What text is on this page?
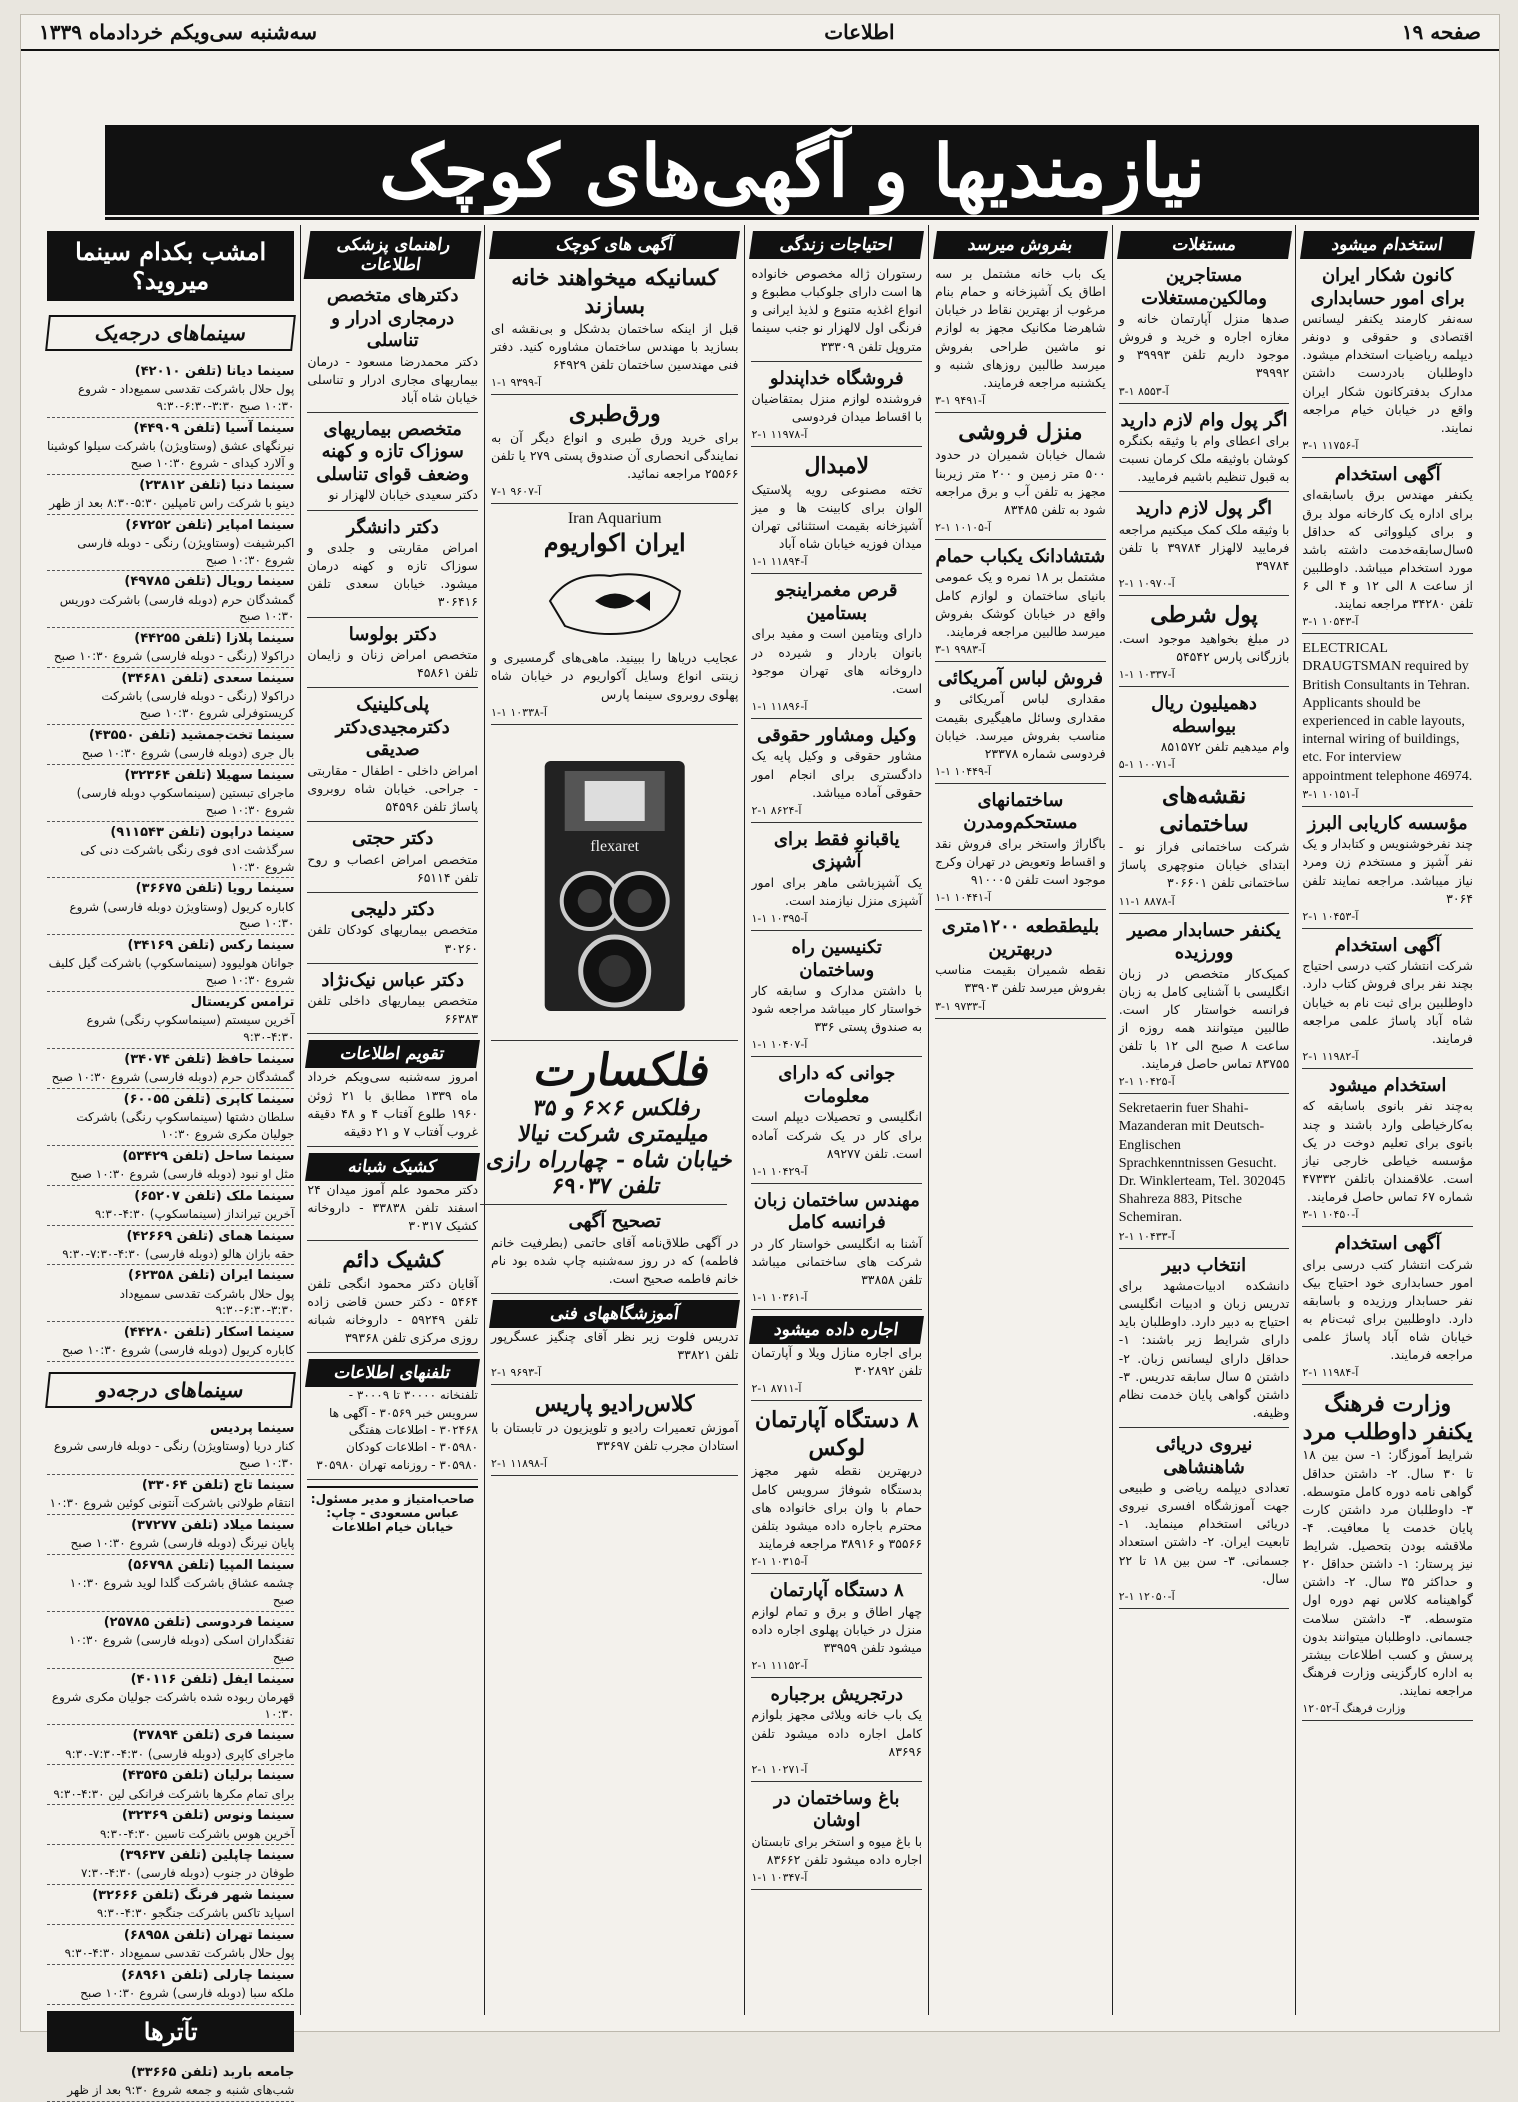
صفحه ۱۹
اطلاعات
سه‌شنبه سی‌ویکم خردادماه ۱۳۳۹
نیازمندیها و آگهی‌های کوچک
استخدام میشود
کانون شکار ایران برای امور حسابداری
سه‌نفر کارمند یکنفر لیسانس اقتصادی و حقوقی و دونفر دیپلمه ریاضیات استخدام میشود. داوطلبان بادردست داشتن مدارک بدفترکانون شکار ایران واقع در خیابان خیام مراجعه نمایند.
آ-۱۱۷۵۶ ۱-۳
آگهی استخدام
یکنفر مهندس برق باسابقه‌ای برای اداره یک کارخانه مولد برق و برای کیلوواتی که حداقل ۵سال‌سابقه‌خدمت داشته باشد مورد استخدام میباشد. داوطلبین از ساعت ۸ الی ۱۲ و ۴ الی ۶ تلفن ۳۴۲۸۰ مراجعه نمایند.
آ-۱۰۵۴۳ ۱-۳
ELECTRICAL DRAUGTSMAN required by British Consultants in Tehran. Applicants should be experienced in cable layouts, internal wiring of buildings, etc. For interview appointment telephone 46974.
آ-۱۰۱۵۱ ۱-۳
مؤسسه کاریابی البرز
چند نفرخوشنویس و کتابدار و یک نفر آشپز و مستخدم زن ومرد نیاز میباشد. مراجعه نمایند تلفن ۳۰۶۴
آ-۱۰۴۵۳ ۱-۲
آگهی استخدام
شرکت انتشار کتب درسی احتیاج بچند نفر برای فروش کتاب دارد. داوطلبین برای ثبت نام به خیابان شاه آباد پاساژ علمی مراجعه فرمایند.
آ-۱۱۹۸۲ ۱-۲
استخدام میشود
به‌چند نفر بانوی باسابقه که به‌کارخیاطی وارد باشند و چند بانوی برای تعلیم دوخت در یک مؤسسه خیاطی خارجی نیاز است. علاقمندان باتلفن ۴۷۳۳۲ شماره ۶۷ تماس حاصل فرمایند.
آ-۱۰۴۵۰ ۱-۳
آگهی استخدام
شرکت انتشار کتب درسی برای امور حسابداری خود احتیاج بیک نفر حسابدار ورزیده و باسابقه دارد. داوطلبین برای ثبت‌نام به خیابان شاه آباد پاساژ علمی مراجعه فرمایند.
آ-۱۱۹۸۴ ۱-۲
وزارت فرهنگ یکنفر داوطلب مرد
شرایط آموزگار: ۱- سن بین ۱۸ تا ۳۰ سال. ۲- داشتن حداقل گواهی نامه دوره کامل متوسطه. ۳- داوطلبان مرد داشتن کارت پایان خدمت یا معافیت. ۴- ملاقشه بودن بتحصیل. شرایط نیز پرستار: ۱- داشتن حداقل ۲۰ و حداکثر ۳۵ سال. ۲- داشتن گواهینامه کلاس نهم دوره اول متوسطه. ۳- داشتن سلامت جسمانی. داوطلبان میتوانند بدون پرسش و کسب اطلاعات بیشتر به اداره کارگزینی وزارت فرهنگ مراجعه نمایند.
وزارت فرهنگ آ-۱۲۰۵۲
مستغلات
مستاجرین ومالکین‌مستغلات
صدها منزل آپارتمان خانه و مغازه اجاره و خرید و فروش موجود داریم تلفن ۳۹۹۹۳ و ۳۹۹۹۲
آ-۸۵۵۳ ۱-۳
اگر پول وام لازم دارید
برای اعطای وام با وثیقه بکنگره کوشان باوثیقه ملک کرمان نسبت به قبول تنظیم باشیم فرمایید.
اگر پول لازم دارید
با وثیقه ملک کمک میکنیم مراجعه فرمایید لالهزار ۳۹۷۸۴ با تلفن ۳۹۷۸۴
آ-۱۰۹۷۰ ۱-۲
پول شرطی
در مبلغ بخواهید موجود است. بازرگانی پارس ۵۴۵۴۲
آ-۱۰۳۳۷ ۱-۱
دهمیلیون ریال بیواسطه
وام میدهیم تلفن ۸۵۱۵۷۲
آ-۱۰۰۷۱ ۱-۵
نقشه‌های ساختمانی
شرکت ساختمانی فراز نو - ابتدای خیابان منوچهری پاساژ ساختمانی تلفن ۳۰۶۶۰۱
آ-۸۸۷۸ ۱-۱۱
یکنفر حسابدار مصیر وورزیده
کمیک‌کار متخصص در زبان انگلیسی با آشنایی کامل به زبان فرانسه خواستار کار است. طالبین میتوانند همه روزه از ساعت ۸ صبح الی ۱۲ با تلفن ۸۳۷۵۵ تماس حاصل فرمایند.
آ-۱۰۴۲۵ ۱-۲
Sekretaerin fuer Shahi-Mazanderan mit Deutsch-Englischen Sprachkenntnissen Gesucht. Dr. Winklerteam, Tel. 302045 Shahreza 883, Pitsche Schemiran.
آ-۱۰۴۳۳ ۱-۲
انتخاب دبیر
دانشکده ادبیات‌مشهد برای تدریس زبان و ادبیات انگلیسی احتیاج به دبیر دارد. داوطلبان باید دارای شرایط زیر باشند: ۱- حداقل دارای لیسانس زبان. ۲- داشتن ۵ سال سابقه تدریس. ۳- داشتن گواهی پایان خدمت نظام وظیفه.
نیروی دریائی شاهنشاهی
تعدادی دیپلمه ریاضی و طبیعی جهت آموزشگاه افسری نیروی دریائی استخدام مینماید. ۱- تابعیت ایران. ۲- داشتن استعداد جسمانی. ۳- سن بین ۱۸ تا ۲۲ سال.
آ-۱۲۰۵۰ ۱-۲
بفروش میرسد
یک باب خانه مشتمل بر سه اطاق یک آشپزخانه و حمام بنام مرغوب از بهترین نقاط در خیابان شاهرضا مکانیک مجهز به لوازم نو ماشین طراحی بفروش میرسد طالبین روزهای شنبه و یکشنبه مراجعه فرمایند.
آ-۹۴۹۱ ۱-۳
منزل فروشی
شمال خیابان شمیران در حدود ۵۰۰ متر زمین و ۲۰۰ متر زیربنا مجهز به تلفن آب و برق مراجعه شود به تلفن ۸۳۴۸۵
آ-۱۰۱۰۵ ۱-۲
شتشادانک یکباب حمام
مشتمل بر ۱۸ نمره و یک عمومی بانیای ساختمان و لوازم کامل واقع در خیابان کوشک بفروش میرسد طالبین مراجعه فرمایند.
آ-۹۹۸۳ ۱-۳
فروش لباس آمریکائی
مقداری لباس آمریکائی و مقداری وسائل ماهیگیری بقیمت مناسب بفروش میرسد. خیابان فردوسی شماره ۲۳۳۷۸
آ-۱۰۴۴۹ ۱-۱
ساختمانهای مستحکم‌ومدرن
باگاراژ واستخر برای فروش نقد و اقساط وتعویض در تهران وکرج موجود است تلفن ۹۱۰۰۰۵
آ-۱۰۴۴۱ ۱-۱
بلیطقطعه ۱۲۰۰متری دربهترین
نقطه شمیران بقیمت مناسب بفروش میرسد تلفن ۳۳۹۰۳
آ-۹۷۳۳ ۱-۳
احتیاجات زندگی
رستوران ژاله مخصوص خانواده ها است دارای جلوکباب مطبوع و انواع اغذیه متنوع و لذیذ ایرانی و فرنگی اول لالهزار نو جنب سینما متروپل تلفن ۳۳۳۰۹
فروشگاه خداپندلو
فروشنده لوازم منزل بمتقاضیان با اقساط میدان فردوسی
آ-۱۱۹۷۸ ۱-۲
لامبدال
تخته مصنوعی رویه پلاستیک الوان برای کابینت ها و میز آشپزخانه بقیمت استثنائی تهران میدان فوزیه خیابان شاه آباد
آ-۱۱۸۹۴ ۱-۱
قرص مغمراینجو بستامین
دارای ویتامین است و مفید برای بانوان باردار و شیرده در داروخانه های تهران موجود است.
آ-۱۱۸۹۶ ۱-۱
وکیل ومشاور حقوقی
مشاور حقوقی و وکیل پایه یک دادگستری برای انجام امور حقوقی آماده میباشد.
آ-۸۶۲۴ ۱-۲
یاقبانو فقط برای آشپزی
یک آشپزباشی ماهر برای امور آشپزی منزل نیازمند است.
آ-۱۰۳۹۵ ۱-۱
تکنیسین راه وساختمان
با داشتن مدارک و سابقه کار خواستار کار میباشد مراجعه شود به صندوق پستی ۳۳۶
آ-۱۰۴۰۷ ۱-۱
جوانی که دارای معلومات
انگلیسی و تحصیلات دیپلم است برای کار در یک شرکت آماده است. تلفن ۸۹۲۷۷
آ-۱۰۴۲۹ ۱-۱
مهندس ساختمان زبان فرانسه کامل
آشنا به انگلیسی خواستار کار در شرکت های ساختمانی میباشد تلفن ۳۳۸۵۸
آ-۱۰۳۶۱ ۱-۱
اجاره داده میشود
برای اجاره منازل ویلا و آپارتمان تلفن ۳۰۲۸۹۲
آ-۸۷۱۱ ۱-۲
۸ دستگاه آپارتمان لوکس
دربهترین نقطه شهر مجهز بدستگاه شوفاژ سرویس کامل حمام با وان برای خانواده های محترم باجاره داده میشود بتلفن ۳۵۵۶۶ و ۳۸۹۱۶ مراجعه فرمایند
آ-۱۰۳۱۵ ۱-۲
۸ دستگاه آپارتمان
چهار اطاق و برق و تمام لوازم منزل در خیابان پهلوی اجاره داده میشود تلفن ۳۳۹۵۹
آ-۱۱۱۵۲ ۱-۲
درتجریش برجباره
یک باب خانه ویلائی مجهز بلوازم کامل اجاره داده میشود تلفن ۸۳۶۹۶
آ-۱۰۲۷۱ ۱-۲
باغ وساختمان در اوشان
با باغ میوه و استخر برای تابستان اجاره داده میشود تلفن ۸۳۶۶۲
آ-۱۰۳۴۷ ۱-۱
آگهی های کوچک
کسانیکه میخواهند خانه بسازند
قبل از اینکه ساختمان بدشکل و بی‌نقشه ای بسازید با مهندس ساختمان مشاوره کنید. دفتر فنی مهندسین ساختمان تلفن ۶۴۹۲۹
آ-۹۳۹۹ ۱-۱
ورق‌طبری
برای خرید ورق طبری و انواع دیگر آن به نمایندگی انحصاری آن صندوق پستی ۲۷۹ یا تلفن ۲۵۵۶۶ مراجعه نمائید.
آ-۹۶۰۷ ۱-۷
Iran Aquarium
ایران اکواریوم
عجایب دریاها را ببینید. ماهی‌های گرمسیری و زینتی انواع وسایل آکواریوم در خیابان شاه پهلوی روبروی سینما پارس
آ-۱۰۳۳۸ ۱-۱
flexaret
فلکسارت
رفلکس ۶×۶ و ۳۵ میلیمتری شرکت نیالا خیابان شاه - چهارراه رازی تلفن ۶۹۰۳۷
تصحیح آگهی
در آگهی طلاق‌نامه آقای حاتمی (بطرفیت خانم فاطمه) که در روز سه‌شنبه چاپ شده بود نام خانم فاطمه صحیح است.
آموزشگاههای فنی
تدریس فلوت زیر نظر آقای چنگیز عسگرپور تلفن ۳۳۸۲۱
آ-۹۶۹۳ ۱-۲
کلاس‌رادیو پاریس
آموزش تعمیرات رادیو و تلویزیون در تابستان با استادان مجرب تلفن ۳۳۶۹۷
آ-۱۱۸۹۸ ۱-۲
راهنمای پزشکی اطلاعات
دکترهای متخصص درمجاری ادرار و تناسلی
دکتر محمدرضا مسعود - درمان بیماریهای مجاری ادرار و تناسلی خیابان شاه آباد
متخصص بیماریهای سوزاک تازه و کهنه وضعف قوای تناسلی
دکتر سعیدی خیابان لالهزار نو
دکتر دانشگر
امراض مقاربتی و جلدی و سوزاک تازه و کهنه درمان میشود. خیابان سعدی تلفن ۳۰۶۴۱۶
دکتر بولوسا
متخصص امراض زنان و زایمان تلفن ۴۵۸۶۱
پلی‌کلینیک دکترمجیدی‌دکتر صدیقی
امراض داخلی - اطفال - مقاربتی - جراحی. خیابان شاه روبروی پاساژ تلفن ۵۴۵۹۶
دکتر حجتی
متخصص امراض اعصاب و روح تلفن ۶۵۱۱۴
دکتر دلیجی
متخصص بیماریهای کودکان تلفن ۳۰۲۶۰
دکتر عباس نیک‌نژاد
متخصص بیماریهای داخلی تلفن ۶۶۳۸۳
تقویم اطلاعات
امروز سه‌شنبه سی‌ویکم خرداد ماه ۱۳۳۹ مطابق با ۲۱ ژوئن ۱۹۶۰ طلوع آفتاب ۴ و ۴۸ دقیقه غروب آفتاب ۷ و ۲۱ دقیقه
کشیک شبانه
دکتر محمود علم آموز میدان ۲۴ اسفند تلفن ۳۳۸۳۸ - داروخانه کشیک ۳۰۳۱۷
کشیک دائم
آقایان دکتر محمود انگجی تلفن ۵۴۶۴ - دکتر حسن قاضی زاده تلفن ۵۹۲۴۹ - داروخانه شبانه روزی مرکزی تلفن ۳۹۳۶۸
تلفنهای اطلاعات
تلفنخانه ۳۰۰۰۰ تا ۳۰۰۰۹ - سرویس خبر ۳۰۵۶۹ - آگهی ها ۳۰۲۴۶۸ - اطلاعات هفتگی ۳۰۵۹۸۰ - اطلاعات کودکان ۳۰۵۹۸۰ - روزنامه تهران ۳۰۵۹۸۰
صاحب‌امتیاز و مدیر مسئول: عباس مسعودی - چاپ: خیابان خیام اطلاعات
امشب بکدام سینما میروید؟
سینماهای درجه‌یک
سینما دیانا (تلفن ۴۲۰۱۰)
پول حلال باشرکت تقدسی سمیع‌داد - شروع ۱۰:۳۰ صبح ۳:۳۰-۶:۳۰-۹:۳۰
سینما آسیا (تلفن ۴۴۹۰۹)
نیرنگهای عشق (وستاویژن) باشرکت سیلوا کوشینا و آلارد کیدای - شروع ۱۰:۳۰ صبح
سینما دنیا (تلفن ۲۳۸۱۲)
دینو با شرکت راس تامپلین ۵:۳۰-۸:۳۰ بعد از ظهر
سینما امپایر (تلفن ۶۷۲۵۲)
اکبرشیفت (وستاویژن) رنگی - دوبله فارسی شروع ۱۰:۳۰ صبح
سینما رویال (تلفن ۴۹۷۸۵)
گمشدگان حرم (دوبله فارسی) باشرکت دوریس ۱۰:۳۰ صبح
سینما پلازا (تلفن ۴۴۲۵۵)
دراکولا (رنگی - دوبله فارسی) شروع ۱۰:۳۰ صبح
سینما سعدی (تلفن ۳۴۶۸۱)
دراکولا (رنگی - دوبله فارسی) باشرکت کریستوفرلی شروع ۱۰:۳۰ صبح
سینما تخت‌جمشید (تلفن ۴۳۵۵۰)
بال جری (دوبله فارسی) شروع ۱۰:۳۰ صبح
سینما سهیلا (تلفن ۳۲۳۶۴)
ماجرای تبستین (سینماسکوپ دوبله فارسی) شروع ۱۰:۳۰ صبح
سینما دراپون (تلفن ۹۱۱۵۴۳)
سرگذشت ادی فوی رنگی باشرکت دنی کی شروع ۱۰:۳۰
سینما رویا (تلفن ۳۶۶۷۵)
کاباره کریول (وستاویژن دوبله فارسی) شروع ۱۰:۳۰ صبح
سینما رکس (تلفن ۳۴۱۶۹)
جوانان هولیوود (سینماسکوپ) باشرکت گیل کلیف شروع ۱۰:۳۰ صبح
ترامس کریستال
آخرین سیستم (سینماسکوپ رنگی) شروع ۴:۳۰-۹:۳۰
سینما حافظ (تلفن ۳۴۰۷۴)
گمشدگان حرم (دوبله فارسی) شروع ۱۰:۳۰ صبح
سینما کاپری (تلفن ۶۰۰۵۵)
سلطان دشتها (سینماسکوپ رنگی) باشرکت جولیان مکری شروع ۱۰:۳۰
سینما ساحل (تلفن ۵۳۴۲۹)
مثل او نبود (دوبله فارسی) شروع ۱۰:۳۰ صبح
سینما ملک (تلفن ۶۵۲۰۷)
آخرین تیرانداز (سینماسکوپ) ۴:۳۰-۹:۳۰
سینما همای (تلفن ۴۲۶۶۹)
حقه بازان هالو (دوبله فارسی) ۴:۳۰-۷:۳۰-۹:۳۰
سینما ایران (تلفن ۶۲۳۵۸)
پول حلال باشرکت تقدسی سمیع‌داد ۳:۳۰-۶:۳۰-۹:۳۰
سینما اسکار (تلفن ۴۴۲۸۰)
کاباره کریول (دوبله فارسی) شروع ۱۰:۳۰ صبح
سینماهای درجه‌دو
سینما پردیس
کنار دریا (وستاویژن) رنگی - دوبله فارسی شروع ۱۰:۳۰ صبح
سینما تاج (تلفن ۳۳۰۶۴)
انتقام طولانی باشرکت آنتونی کوئین شروع ۱۰:۳۰
سینما میلاد (تلفن ۳۷۲۷۷)
پایان نیرنگ (دوبله فارسی) شروع ۱۰:۳۰ صبح
سینما المپیا (تلفن ۵۶۷۹۸)
چشمه عشاق باشرکت گلدا لوید شروع ۱۰:۳۰ صبح
سینما فردوسی (تلفن ۲۵۷۸۵)
تفنگداران اسکی (دوبله فارسی) شروع ۱۰:۳۰ صبح
سینما ایفل (تلفن ۴۰۱۱۶)
قهرمان ربوده شده باشرکت جولیان مکری شروع ۱۰:۳۰
سینما فری (تلفن ۳۷۸۹۴)
ماجرای کاپری (دوبله فارسی) ۴:۳۰-۷:۳۰-۹:۳۰
سینما برلیان (تلفن ۴۳۵۴۵)
برای تمام مکرها باشرکت فرانکی لین ۴:۳۰-۹:۳۰
سینما ونوس (تلفن ۳۲۳۶۹)
آخرین هوس باشرکت تاسین ۴:۳۰-۹:۳۰
سینما چاپلین (تلفن ۳۹۶۳۷)
طوفان در جنوب (دوبله فارسی) ۴:۳۰-۷:۳۰
سینما شهر فرنگ (تلفن ۳۲۶۶۶)
اسپاید تاکس باشرکت جنگجو ۴:۳۰-۹:۳۰
سینما تهران (تلفن ۶۸۹۵۸)
پول حلال باشرکت تقدسی سمیع‌داد ۴:۳۰-۹:۳۰
سینما چارلی (تلفن ۶۸۹۶۱)
ملکه سبا (دوبله فارسی) شروع ۱۰:۳۰ صبح
تآترها
جامعه باربد (تلفن ۳۳۶۶۵)
شب‌های شنبه و جمعه شروع ۹:۳۰ بعد از ظهر
